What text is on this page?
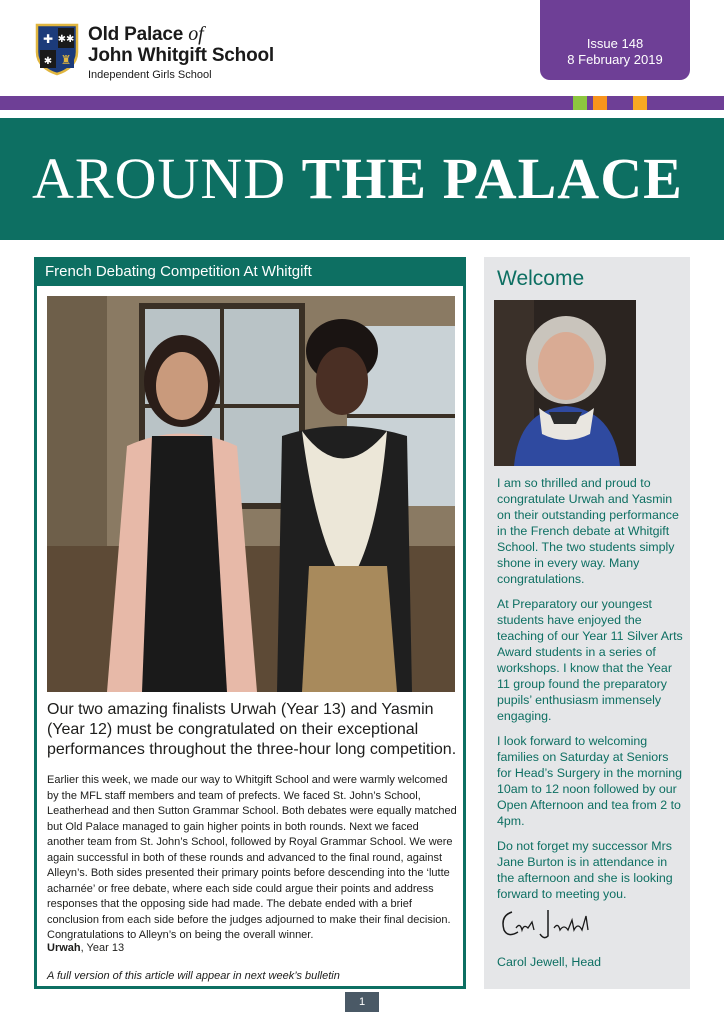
✚ ✱✱
✱ ♜
Old Palace of
John Whitgift School
Independent Girls School
Issue 148
8 February 2019
AROUND THE PALACE
French Debating Competition At Whitgift
Our two amazing finalists Urwah (Year 13) and Yasmin (Year 12) must be congratulated on their exceptional performances throughout the three-hour long competition.
Earlier this week, we made our way to Whitgift School and were warmly welcomed by the MFL staff members and team of prefects. We faced St. John’s School, Leatherhead and then Sutton Grammar School. Both debates were equally matched but Old Palace managed to gain higher points in both rounds. Next we faced another team from St. John’s School, followed by Royal Grammar School. We were again successful in both of these rounds and advanced to the final round, against Alleyn’s. Both sides presented their primary points before descending into the ‘lutte acharnée’ or free debate, where each side could argue their points and address responses that the opposing side had made. The debate ended with a brief conclusion from each side before the judges adjourned to make their final decision. Congratulations to Alleyn’s on being the overall winner.
Urwah, Year 13
A full version of this article will appear in next week’s bulletin
Welcome

I am so thrilled and proud to congratulate Urwah and Yasmin on their outstanding performance in the French debate at Whitgift School. The two students simply shone in every way. Many congratulations.

At Preparatory our youngest students have enjoyed the teaching of our Year 11 Silver Arts Award students in a series of workshops. I know that the Year 11 group found the preparatory pupils’ enthusiasm immensely engaging.

I look forward to welcoming families on Saturday at Seniors for Head’s Surgery in the morning 10am to 12 noon followed by our Open Afternoon and tea from 2 to 4pm.

Do not forget my successor Mrs Jane Burton is in attendance in the afternoon and she is looking forward to meeting you.

Carol Jewell, Head
1
